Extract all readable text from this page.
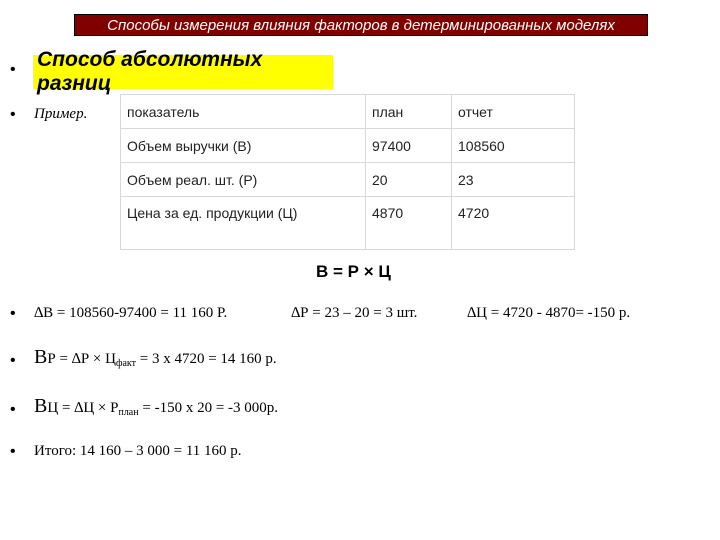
Способы измерения влияния факторов в детерминированных моделях
• Способ абсолютных разниц
• Пример.	показатель	план	отчет
Объем выручки (В)	97400	108560
Объем реал. шт. (Р)	20	23
Цена за ед. продукции (Ц)	4870	4720
В = Р × Ц
• ∆В = 108560-97400 = 11 160 Р.	∆Р = 23 – 20 = 3 шт.	∆Ц = 4720 - 4870= -150 р.
• ВР = $\Delta Р \times Ц_{факт} = 3$ х 4720 = 14 160 р.
• ВЦ = $\Delta Ц \times Р_{план} = -150$ х 20 = -3 000р.
• Итого: 14 160 – 3 000 = 11 160 р.
